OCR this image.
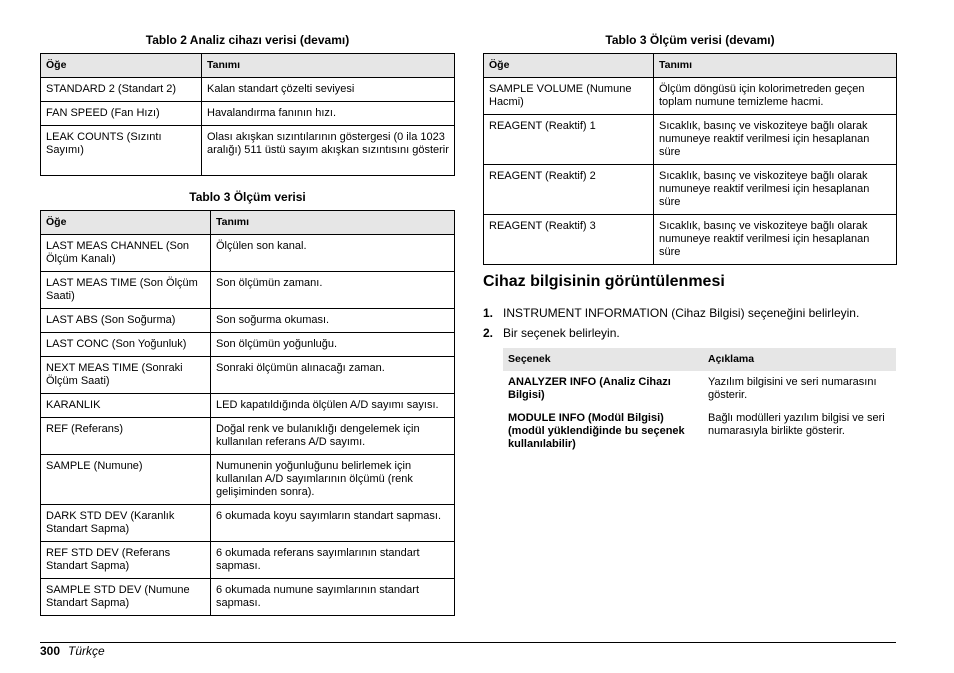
Tablo 2 Analiz cihazı verisi (devamı)
Öğe	Tanımı
STANDARD 2 (Standart 2)	Kalan standart çözelti seviyesi
FAN SPEED (Fan Hızı)	Havalandırma fanının hızı.
LEAK COUNTS (Sızıntı Sayımı)	Olası akışkan sızıntılarının göstergesi (0 ila 1023 aralığı) 511 üstü sayım akışkan sızıntısını gösterir
Tablo 3 Ölçüm verisi
Öğe	Tanımı
LAST MEAS CHANNEL (Son Ölçüm Kanalı)	Ölçülen son kanal.
LAST MEAS TIME (Son Ölçüm Saati)	Son ölçümün zamanı.
LAST ABS (Son Soğurma)	Son soğurma okuması.
LAST CONC (Son Yoğunluk)	Son ölçümün yoğunluğu.
NEXT MEAS TIME (Sonraki Ölçüm Saati)	Sonraki ölçümün alınacağı zaman.
KARANLIK	LED kapatıldığında ölçülen A/D sayımı sayısı.
REF (Referans)	Doğal renk ve bulanıklığı dengelemek için kullanılan referans A/D sayımı.
SAMPLE (Numune)	Numunenin yoğunluğunu belirlemek için kullanılan A/D sayımlarının ölçümü (renk gelişiminden sonra).
DARK STD DEV (Karanlık Standart Sapma)	6 okumada koyu sayımların standart sapması.
REF STD DEV (Referans Standart Sapma)	6 okumada referans sayımlarının standart sapması.
SAMPLE STD DEV (Numune Standart Sapma)	6 okumada numune sayımlarının standart sapması.
Tablo 3 Ölçüm verisi (devamı)
Öğe	Tanımı
SAMPLE VOLUME (Numune Hacmi)	Ölçüm döngüsü için kolorimetreden geçen toplam numune temizleme hacmi.
REAGENT (Reaktif) 1	Sıcaklık, basınç ve viskoziteye bağlı olarak numuneye reaktif verilmesi için hesaplanan süre
REAGENT (Reaktif) 2	Sıcaklık, basınç ve viskoziteye bağlı olarak numuneye reaktif verilmesi için hesaplanan süre
REAGENT (Reaktif) 3	Sıcaklık, basınç ve viskoziteye bağlı olarak numuneye reaktif verilmesi için hesaplanan süre
Cihaz bilgisinin görüntülenmesi
1. INSTRUMENT INFORMATION (Cihaz Bilgisi) seçeneğini belirleyin.
2. Bir seçenek belirleyin.
Seçenek	Açıklama
ANALYZER INFO (Analiz Cihazı Bilgisi)	Yazılım bilgisini ve seri numarasını gösterir.
MODULE INFO (Modül Bilgisi) (modül yüklendiğinde bu seçenek kullanılabilir)	Bağlı modülleri yazılım bilgisi ve seri numarasıyla birlikte gösterir.
300 Türkçe
